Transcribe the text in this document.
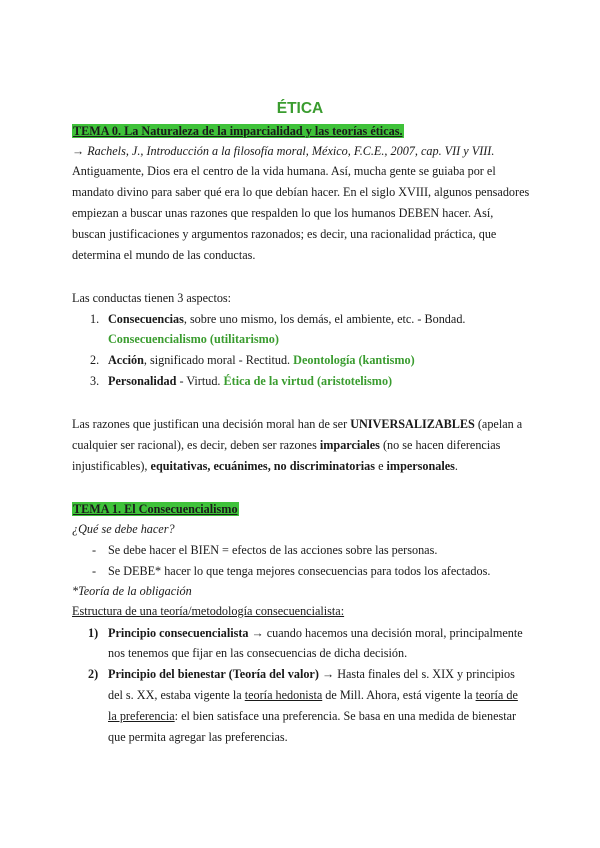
ÉTICA
TEMA 0. La Naturaleza de la imparcialidad y las teorías éticas.
→ Rachels, J., Introducción a la filosofía moral, México, F.C.E., 2007, cap. VII y VIII.
Antiguamente, Dios era el centro de la vida humana. Así, mucha gente se guiaba por el
mandato divino para saber qué era lo que debían hacer. En el siglo XVIII, algunos pensadores
empiezan a buscar unas razones que respalden lo que los humanos DEBEN hacer. Así,
buscan justificaciones y argumentos razonados; es decir, una racionalidad práctica, que
determina el mundo de las conductas.
Las conductas tienen 3 aspectos:
1. Consecuencias, sobre uno mismo, los demás, el ambiente, etc. - Bondad.
Consecuencialismo (utilitarismo)
2. Acción, significado moral - Rectitud. Deontología (kantismo)
3. Personalidad - Virtud. Ética de la virtud (aristotelismo)
Las razones que justifican una decisión moral han de ser UNIVERSALIZABLES (apelan a
cualquier ser racional), es decir, deben ser razones imparciales (no se hacen diferencias
injustificables), equitativas, ecuánimes, no discriminatorias e impersonales.
TEMA 1. El Consecuencialismo
¿Qué se debe hacer?
- Se debe hacer el BIEN = efectos de las acciones sobre las personas.
- Se DEBE* hacer lo que tenga mejores consecuencias para todos los afectados.
*Teoría de la obligación
Estructura de una teoría/metodología consecuencialista:
1) Principio consecuencialista → cuando hacemos una decisión moral, principalmente
nos tenemos que fijar en las consecuencias de dicha decisión.
2) Principio del bienestar (Teoría del valor) → Hasta finales del s. XIX y principios
del s. XX, estaba vigente la teoría hedonista de Mill. Ahora, está vigente la teoría de
la preferencia: el bien satisface una preferencia. Se basa en una medida de bienestar
que permita agregar las preferencias.
